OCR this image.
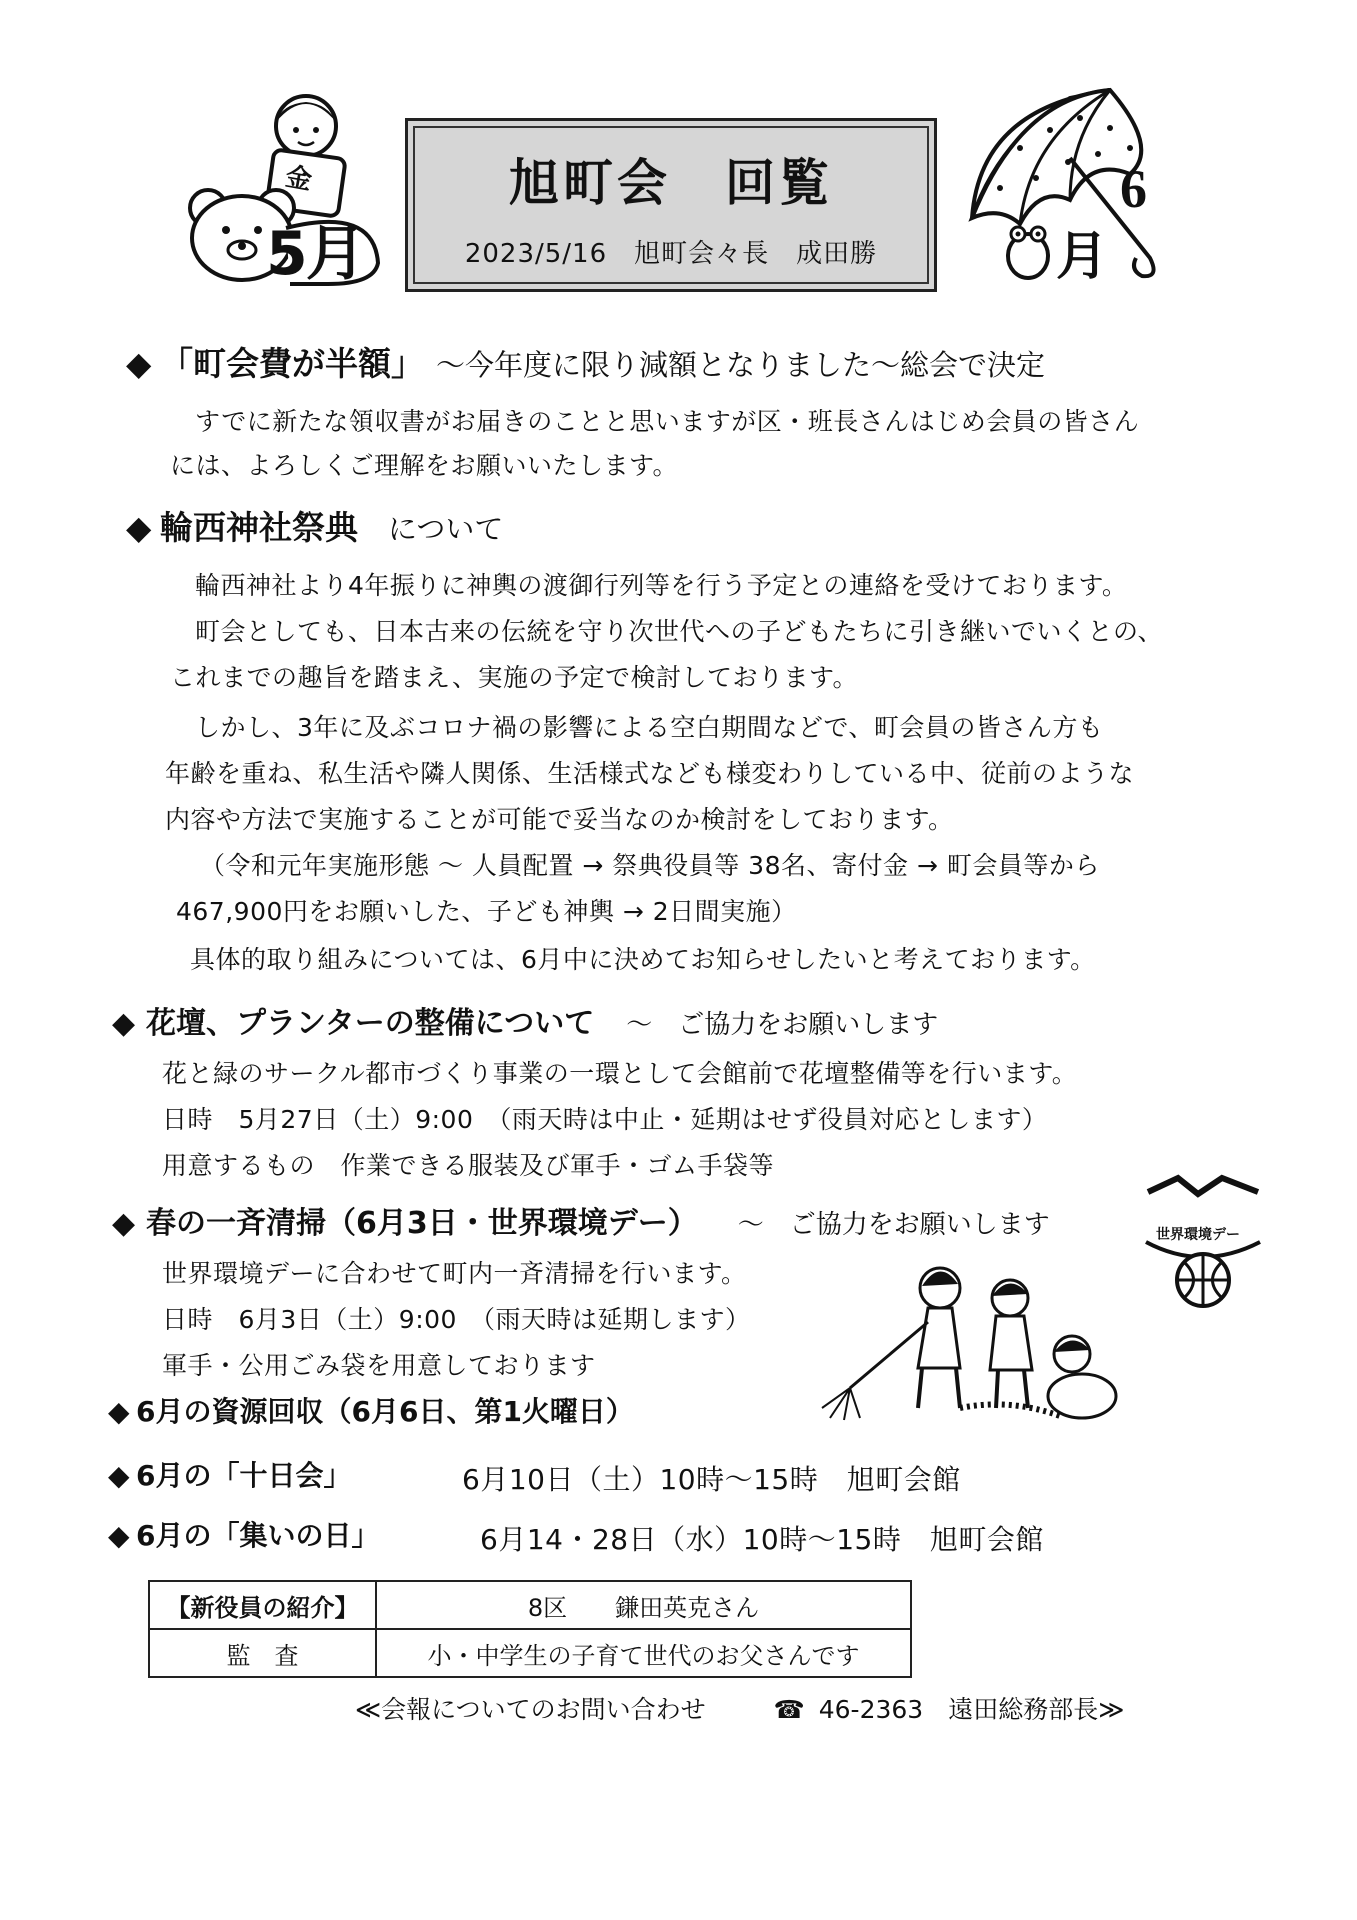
金
5月
旭町会　回覧
2023/5/16　旭町会々長　成田勝
6
月
◆ 「町会費が半額」 ～今年度に限り減額となりました～総会で決定
すでに新たな領収書がお届きのことと思いますが区・班長さんはじめ会員の皆さん
には、よろしくご理解をお願いいたします。
◆ 輪西神社祭典 について
輪西神社より4年振りに神輿の渡御行列等を行う予定との連絡を受けております。
町会としても、日本古来の伝統を守り次世代への子どもたちに引き継いでいくとの、
これまでの趣旨を踏まえ、実施の予定で検討しております。
しかし、3年に及ぶコロナ禍の影響による空白期間などで、町会員の皆さん方も
年齢を重ね、私生活や隣人関係、生活様式なども様変わりしている中、従前のような
内容や方法で実施することが可能で妥当なのか検討をしております。
（令和元年実施形態 ～ 人員配置 → 祭典役員等 38名、寄付金 → 町会員等から
467,900円をお願いした、子ども神輿 → 2日間実施）
具体的取り組みについては、6月中に決めてお知らせしたいと考えております。
◆ 花壇、プランターの整備について ～　ご協力をお願いします
花と緑のサークル都市づくり事業の一環として会館前で花壇整備等を行います。
日時　5月27日（土）9:00　（雨天時は中止・延期はせず役員対応とします）
用意するもの　作業できる服装及び軍手・ゴム手袋等
◆ 春の一斉清掃（6月3日・世界環境デー） ～　ご協力をお願いします
世界環境デーに合わせて町内一斉清掃を行います。
日時　6月3日（土）9:00　（雨天時は延期します）
軍手・公用ごみ袋を用意しております
世界環境デー
◆ 6月の資源回収（6月6日、第1火曜日）
◆ 6月の「十日会」	6月10日（土）10時～15時　旭町会館
◆ 6月の「集いの日」	6月14・28日（水）10時～15時　旭町会館
【新役員の紹介】	8区　　鎌田英克さん
監　査	小・中学生の子育て世代のお父さんです
≪会報についてのお問い合わせ	☎ 46-2363　遠田総務部長≫
